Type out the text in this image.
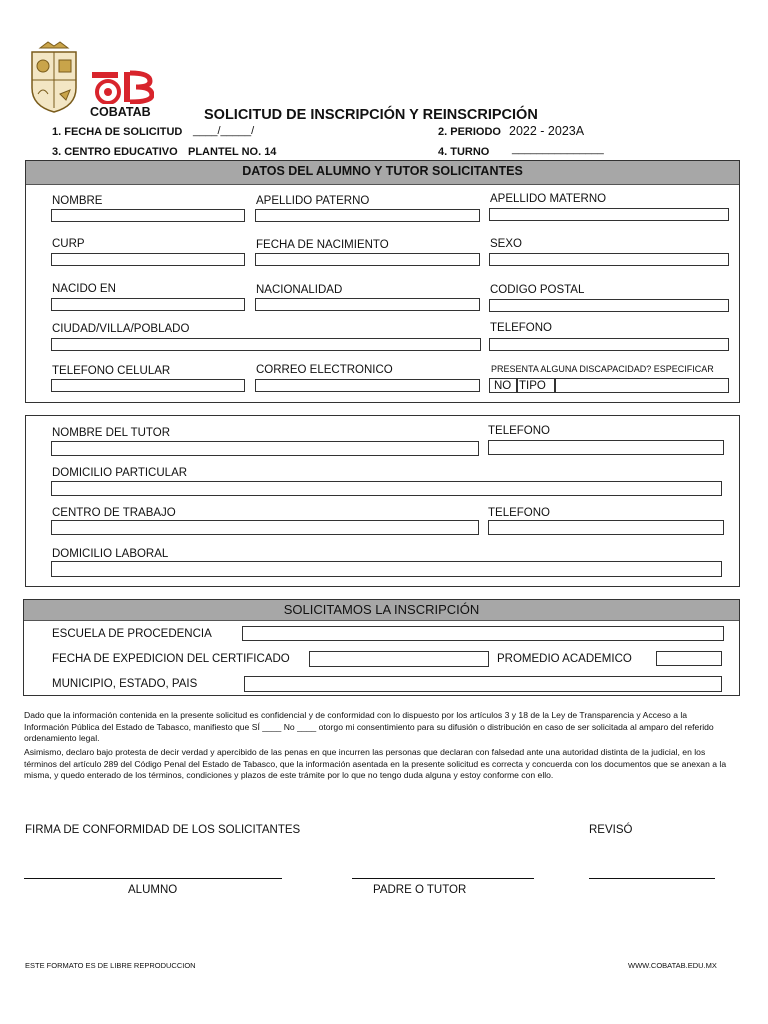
COBATAB	SOLICITUD DE INSCRIPCIÓN Y REINSCRIPCIÓN
1. FECHA DE SOLICITUD ____/_____/	2. PERIODO 2022 - 2023A
3. CENTRO EDUCATIVO PLANTEL NO. 14	4. TURNO _______________
DATOS DEL ALUMNO Y TUTOR SOLICITANTES
NOMBRE	APELLIDO PATERNO	APELLIDO MATERNO
CURP	FECHA DE NACIMIENTO	SEXO
NACIDO EN	NACIONALIDAD	CODIGO POSTAL
CIUDAD/VILLA/POBLADO	TELEFONO
TELEFONO CELULAR	CORREO ELECTRONICO	PRESENTA ALGUNA DISCAPACIDAD? ESPECIFICAR
NO TIPO
NOMBRE DEL TUTOR	TELEFONO
DOMICILIO PARTICULAR
CENTRO DE TRABAJO	TELEFONO
DOMICILIO LABORAL
SOLICITAMOS LA INSCRIPCIÓN
ESCUELA DE PROCEDENCIA
FECHA DE EXPEDICION DEL CERTIFICADO	PROMEDIO ACADEMICO
MUNICIPIO, ESTADO, PAIS
Dado que la información contenida en la presente solicitud es confidencial y de conformidad con lo dispuesto por los artículos 3 y 18 de la Ley de Transparencia y Acceso a la Información Pública del Estado de Tabasco, manifiesto que SÍ ____ No ____ otorgo mi consentimiento para su difusión o distribución en caso de ser solicitada al amparo del referido ordenamiento legal.
Asimismo, declaro bajo protesta de decir verdad y apercibido de las penas en que incurren las personas que declaran con falsedad ante una autoridad distinta de la judicial, en los términos del artículo 289 del Código Penal del Estado de Tabasco, que la información asentada en la presente solicitud es correcta y concuerda con los documentos que se anexan a la misma, y quedo enterado de los términos, condiciones y plazos de este trámite por lo que no tengo duda alguna y estoy conforme con ello.
FIRMA DE CONFORMIDAD DE LOS SOLICITANTES	REVISÓ
ALUMNO	PADRE O TUTOR
ESTE FORMATO ES DE LIBRE REPRODUCCION	WWW.COBATAB.EDU.MX
